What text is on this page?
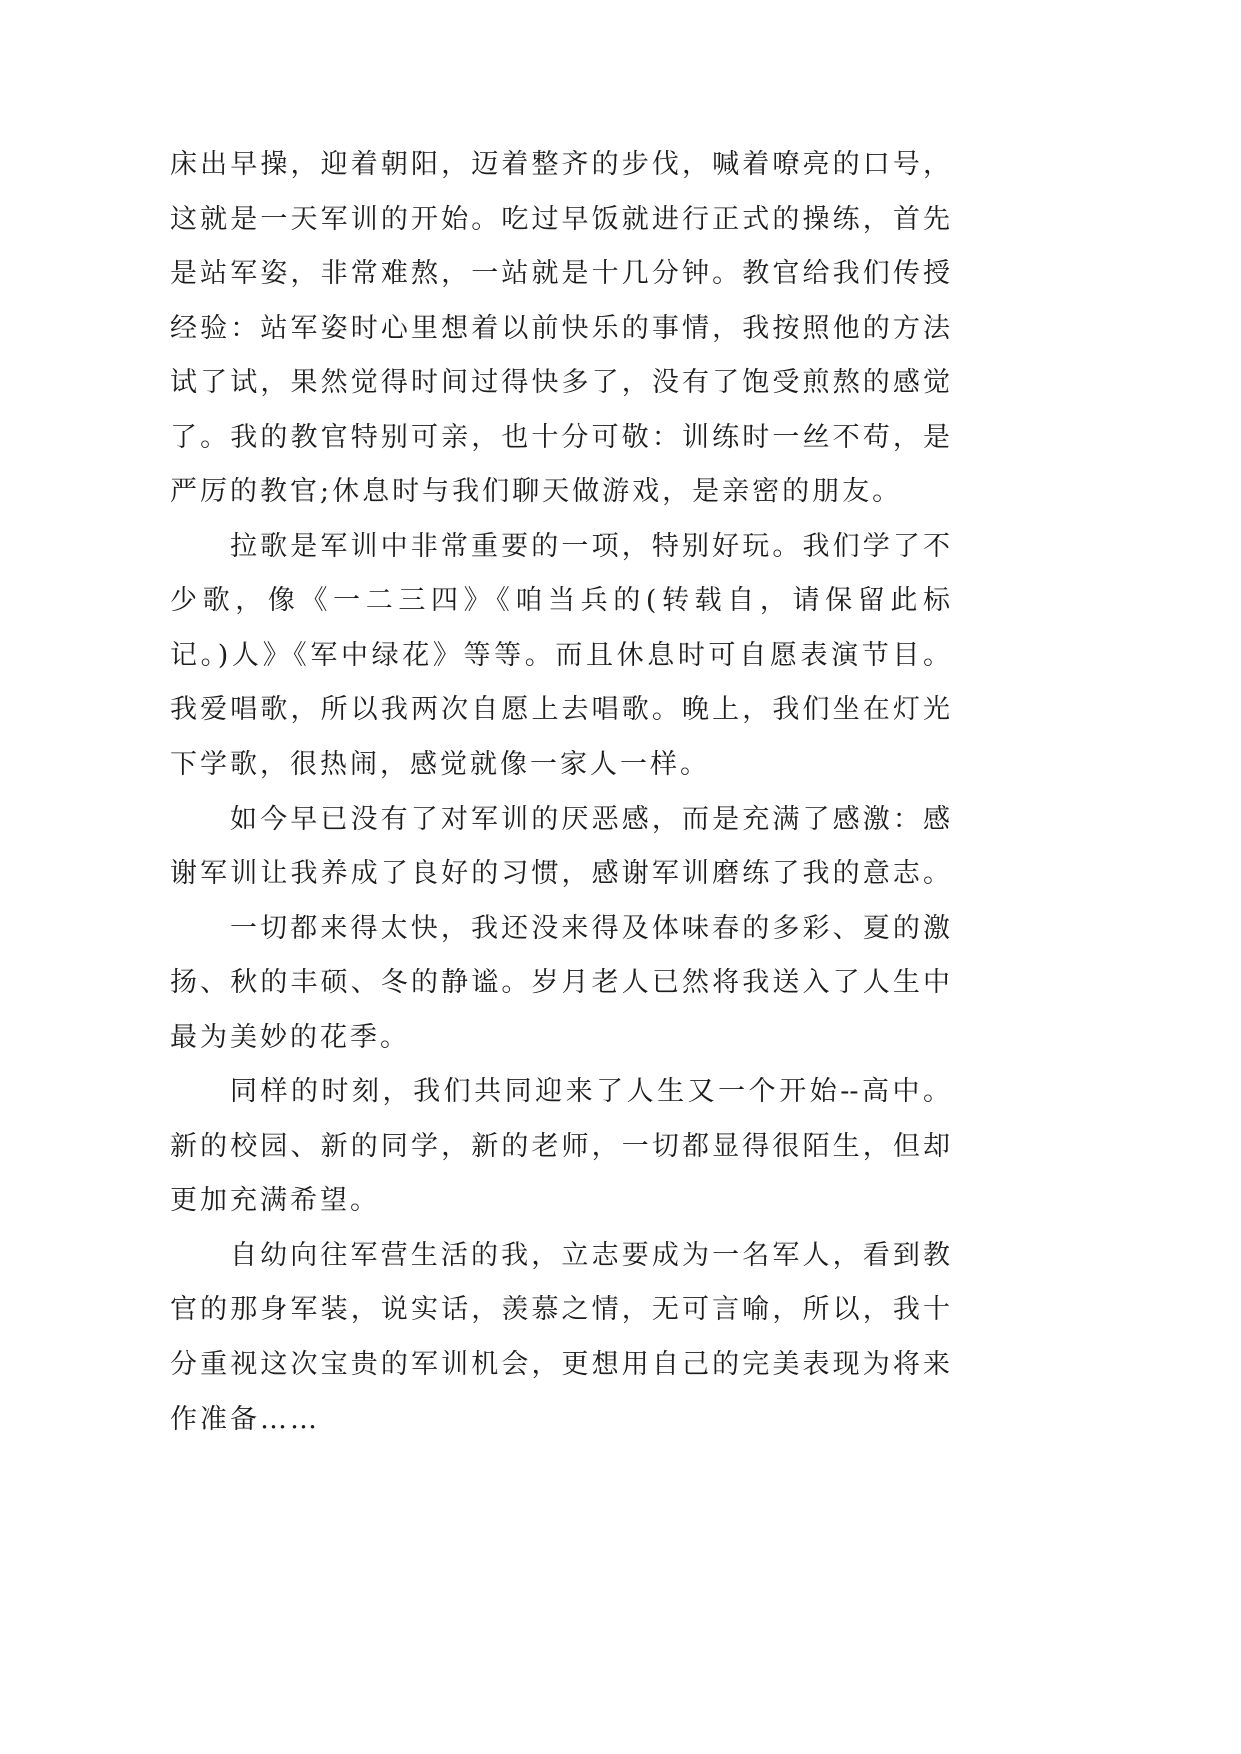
床出早操，迎着朝阳，迈着整齐的步伐，喊着嘹亮的口号，
这就是一天军训的开始。吃过早饭就进行正式的操练，首先
是站军姿，非常难熬，一站就是十几分钟。教官给我们传授
经验：站军姿时心里想着以前快乐的事情，我按照他的方法
试了试，果然觉得时间过得快多了，没有了饱受煎熬的感觉
了。我的教官特别可亲，也十分可敬：训练时一丝不苟，是
严厉的教官;休息时与我们聊天做游戏，是亲密的朋友。
拉歌是军训中非常重要的一项，特别好玩。我们学了不
少歌，像《一二三四》《咱当兵的(转载自，请保留此标
记。)人》《军中绿花》等等。而且休息时可自愿表演节目。
我爱唱歌，所以我两次自愿上去唱歌。晚上，我们坐在灯光
下学歌，很热闹，感觉就像一家人一样。
如今早已没有了对军训的厌恶感，而是充满了感激：感
谢军训让我养成了良好的习惯，感谢军训磨练了我的意志。
一切都来得太快，我还没来得及体味春的多彩、夏的激
扬、秋的丰硕、冬的静谧。岁月老人已然将我送入了人生中
最为美妙的花季。
同样的时刻，我们共同迎来了人生又一个开始--高中。
新的校园、新的同学，新的老师，一切都显得很陌生，但却
更加充满希望。
自幼向往军营生活的我，立志要成为一名军人，看到教
官的那身军装，说实话，羡慕之情，无可言喻，所以，我十
分重视这次宝贵的军训机会，更想用自己的完美表现为将来
作准备……
